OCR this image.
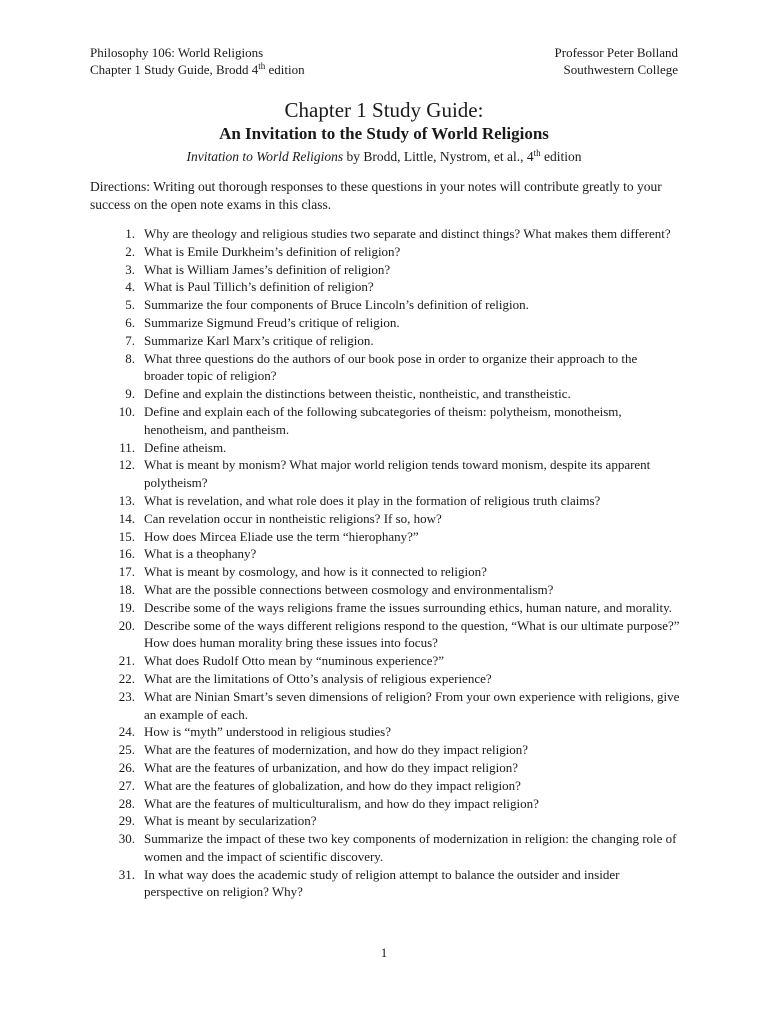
Philosophy 106: World Religions
Chapter 1 Study Guide, Brodd 4th edition
Professor Peter Bolland
Southwestern College
Chapter 1 Study Guide:
An Invitation to the Study of World Religions
Invitation to World Religions by Brodd, Little, Nystrom, et al., 4th edition
Directions: Writing out thorough responses to these questions in your notes will contribute greatly to your success on the open note exams in this class.
1. Why are theology and religious studies two separate and distinct things? What makes them different?
2. What is Emile Durkheim’s definition of religion?
3. What is William James’s definition of religion?
4. What is Paul Tillich’s definition of religion?
5. Summarize the four components of Bruce Lincoln’s definition of religion.
6. Summarize Sigmund Freud’s critique of religion.
7. Summarize Karl Marx’s critique of religion.
8. What three questions do the authors of our book pose in order to organize their approach to the broader topic of religion?
9. Define and explain the distinctions between theistic, nontheistic, and transtheistic.
10. Define and explain each of the following subcategories of theism: polytheism, monotheism, henotheism, and pantheism.
11. Define atheism.
12. What is meant by monism? What major world religion tends toward monism, despite its apparent polytheism?
13. What is revelation, and what role does it play in the formation of religious truth claims?
14. Can revelation occur in nontheistic religions? If so, how?
15. How does Mircea Eliade use the term “hierophany?”
16. What is a theophany?
17. What is meant by cosmology, and how is it connected to religion?
18. What are the possible connections between cosmology and environmentalism?
19. Describe some of the ways religions frame the issues surrounding ethics, human nature, and morality.
20. Describe some of the ways different religions respond to the question, “What is our ultimate purpose?” How does human morality bring these issues into focus?
21. What does Rudolf Otto mean by “numinous experience?”
22. What are the limitations of Otto’s analysis of religious experience?
23. What are Ninian Smart’s seven dimensions of religion? From your own experience with religions, give an example of each.
24. How is “myth” understood in religious studies?
25. What are the features of modernization, and how do they impact religion?
26. What are the features of urbanization, and how do they impact religion?
27. What are the features of globalization, and how do they impact religion?
28. What are the features of multiculturalism, and how do they impact religion?
29. What is meant by secularization?
30. Summarize the impact of these two key components of modernization in religion: the changing role of women and the impact of scientific discovery.
31. In what way does the academic study of religion attempt to balance the outsider and insider perspective on religion? Why?
1
